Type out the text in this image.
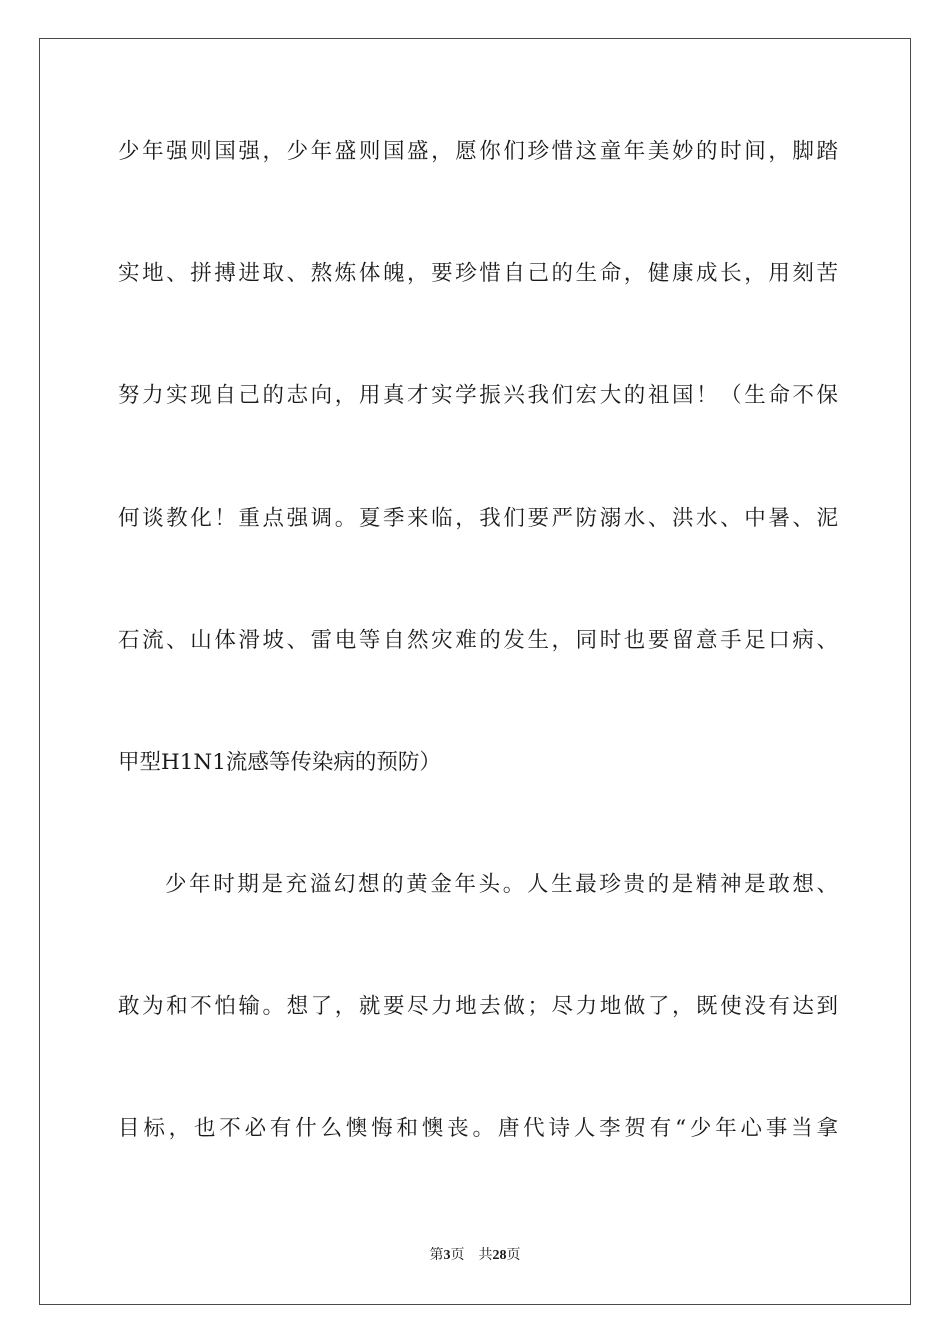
少年强则国强，少年盛则国盛，愿你们珍惜这童年美妙的时间，脚踏
实地、拼搏进取、熬炼体魄，要珍惜自己的生命，健康成长，用刻苦
努力实现自己的志向，用真才实学振兴我们宏大的祖国！（生命不保
何谈教化！重点强调。夏季来临，我们要严防溺水、洪水、中暑、泥
石流、山体滑坡、雷电等自然灾难的发生，同时也要留意手足口病、
甲型H1N1流感等传染病的预防）
少年时期是充溢幻想的黄金年头。人生最珍贵的是精神是敢想、
敢为和不怕输。想了，就要尽力地去做；尽力地做了，既使没有达到
目标，也不必有什么懊悔和懊丧。唐代诗人李贺有“少年心事当拿
第3页 共28页
